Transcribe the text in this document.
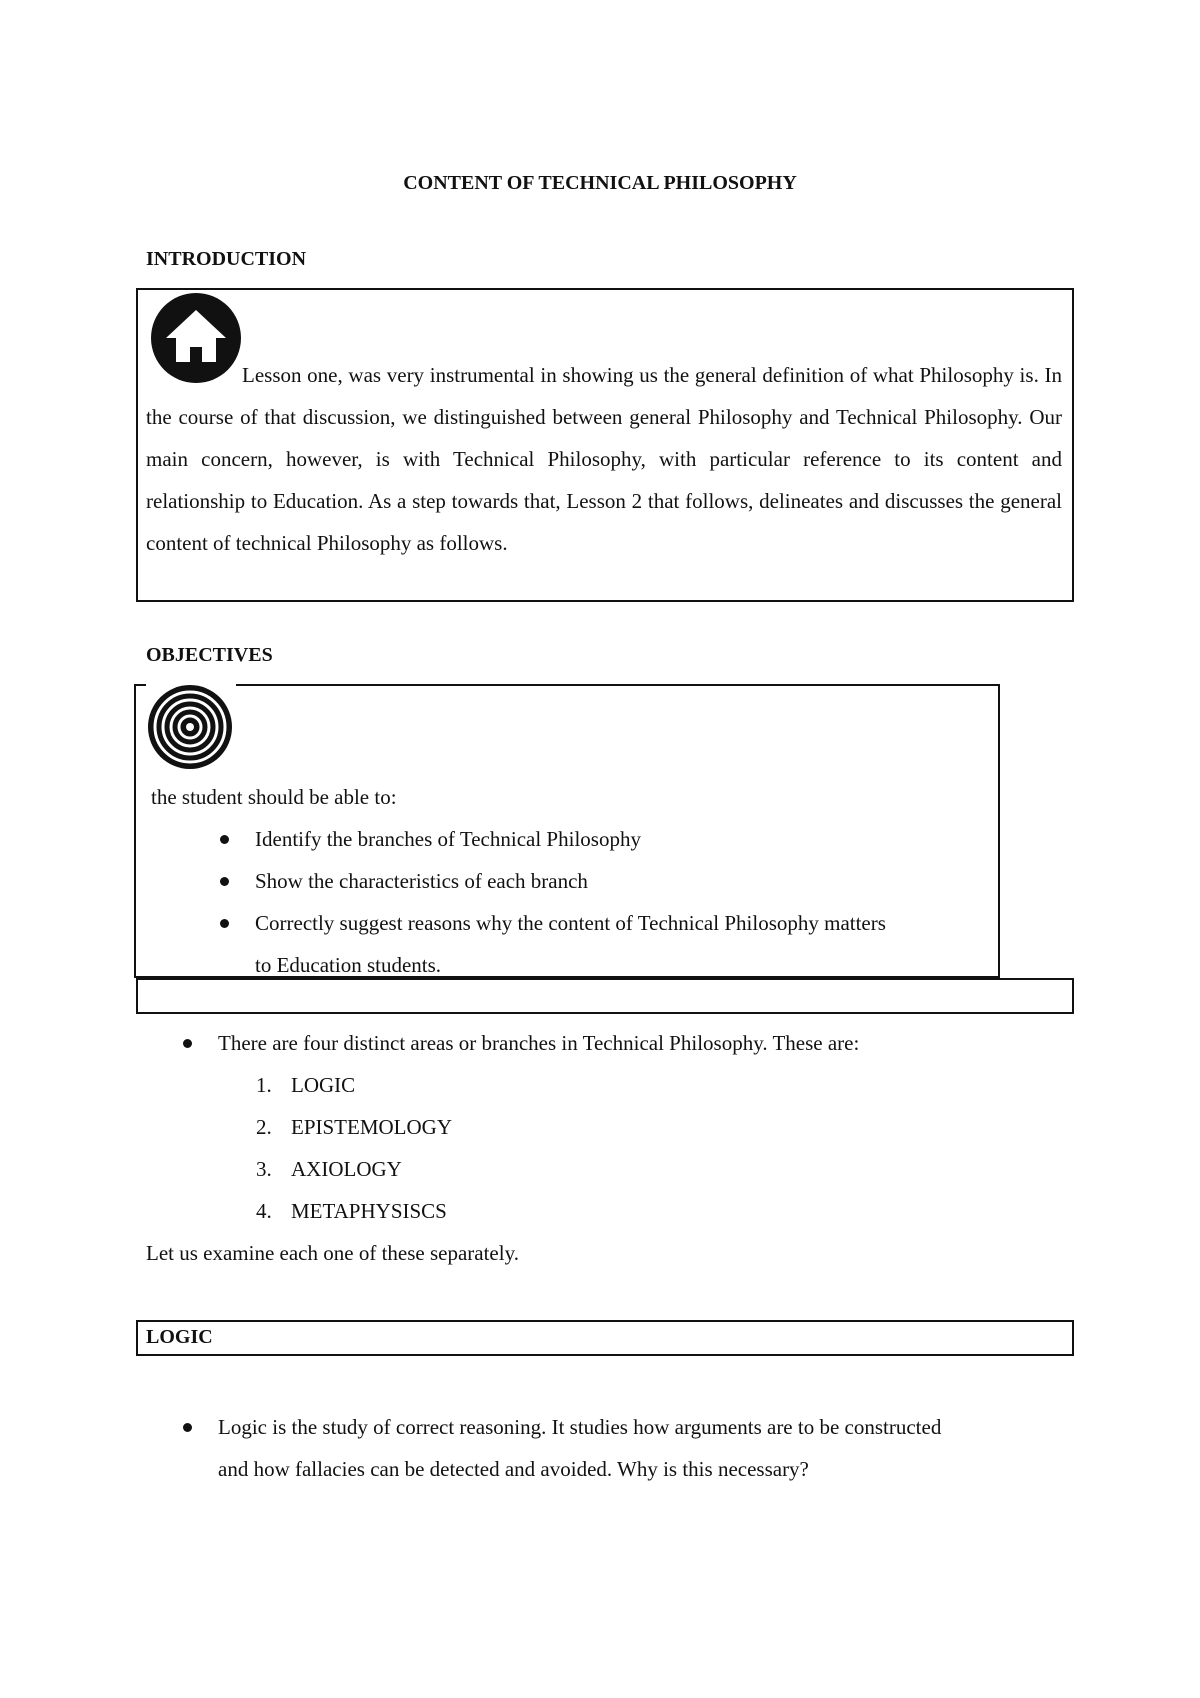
CONTENT OF TECHNICAL PHILOSOPHY
INTRODUCTION
Lesson one, was very instrumental in showing us the general definition of what Philosophy is. In the course of that discussion, we distinguished between general Philosophy and Technical Philosophy. Our main concern, however, is with Technical Philosophy, with particular reference to its content and relationship to Education. As a step towards that, Lesson 2 that follows, delineates and discusses the general content of technical Philosophy as follows.
OBJECTIVES
the student should be able to:
Identify the branches of Technical Philosophy
Show the characteristics of each branch
Correctly suggest reasons why the content of Technical Philosophy matters
to Education students.
There are four distinct areas or branches in Technical Philosophy. These are:
1. LOGIC
2. EPISTEMOLOGY
3. AXIOLOGY
4. METAPHYSISCS
Let us examine each one of these separately.
LOGIC
Logic is the study of correct reasoning. It studies how arguments are to be constructed
and how fallacies can be detected and avoided. Why is this necessary?
